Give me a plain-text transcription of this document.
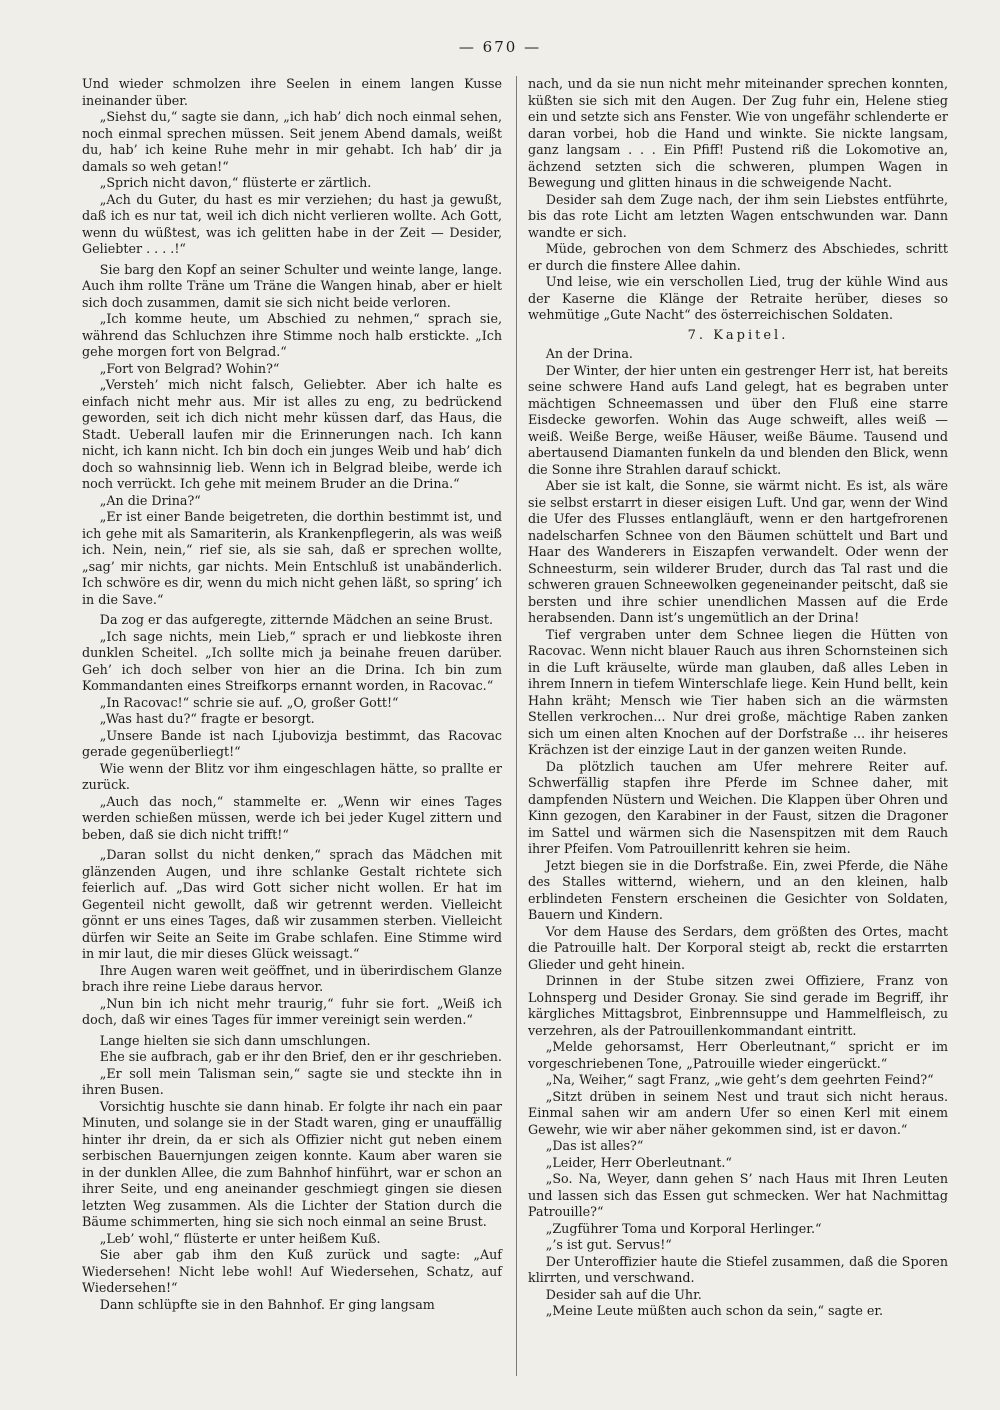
— 670 —

Und wieder schmolzen ihre Seelen in einem langen Kusse ineinander über.

„Siehst du,“ sagte sie dann, „ich hab’ dich noch einmal sehen, noch einmal sprechen müssen. Seit jenem Abend damals, weißt du, hab’ ich keine Ruhe mehr in mir gehabt. Ich hab’ dir ja damals so weh getan!“

„Sprich nicht davon,“ flüsterte er zärtlich.

„Ach du Guter, du hast es mir verziehen; du hast ja gewußt, daß ich es nur tat, weil ich dich nicht verlieren wollte. Ach Gott, wenn du wüßtest, was ich gelitten habe in der Zeit — Desider, Geliebter . . . .!“

Sie barg den Kopf an seiner Schulter und weinte lange, lange. Auch ihm rollte Träne um Träne die Wangen hinab, aber er hielt sich doch zusammen, damit sie sich nicht beide verloren.

„Ich komme heute, um Abschied zu nehmen,“ sprach sie, während das Schluchzen ihre Stimme noch halb erstickte. „Ich gehe morgen fort von Belgrad.“

„Fort von Belgrad? Wohin?“

„Versteh’ mich nicht falsch, Geliebter. Aber ich halte es einfach nicht mehr aus. Mir ist alles zu eng, zu bedrückend geworden, seit ich dich nicht mehr küssen darf, das Haus, die Stadt. Ueberall laufen mir die Erinnerungen nach. Ich kann nicht, ich kann nicht. Ich bin doch ein junges Weib und hab’ dich doch so wahnsinnig lieb. Wenn ich in Belgrad bleibe, werde ich noch verrückt. Ich gehe mit meinem Bruder an die Drina.“

„An die Drina?“

„Er ist einer Bande beigetreten, die dorthin bestimmt ist, und ich gehe mit als Samariterin, als Krankenpflegerin, als was weiß ich. Nein, nein,“ rief sie, als sie sah, daß er sprechen wollte, „sag’ mir nichts, gar nichts. Mein Entschluß ist unabänderlich. Ich schwöre es dir, wenn du mich nicht gehen läßt, so spring’ ich in die Save.“

Da zog er das aufgeregte, zitternde Mädchen an seine Brust.

„Ich sage nichts, mein Lieb,“ sprach er und liebkoste ihren dunklen Scheitel. „Ich sollte mich ja beinahe freuen darüber. Geh’ ich doch selber von hier an die Drina. Ich bin zum Kommandanten eines Streifkorps ernannt worden, in Racovac.“

„In Racovac!“ schrie sie auf. „O, großer Gott!“

„Was hast du?“ fragte er besorgt.

„Unsere Bande ist nach Ljubovizja bestimmt, das Racovac gerade gegenüberliegt!“

Wie wenn der Blitz vor ihm eingeschlagen hätte, so prallte er zurück.

„Auch das noch,“ stammelte er. „Wenn wir eines Tages werden schießen müssen, werde ich bei jeder Kugel zittern und beben, daß sie dich nicht trifft!“

„Daran sollst du nicht denken,“ sprach das Mädchen mit glänzenden Augen, und ihre schlanke Gestalt richtete sich feierlich auf. „Das wird Gott sicher nicht wollen. Er hat im Gegenteil nicht gewollt, daß wir getrennt werden. Vielleicht gönnt er uns eines Tages, daß wir zusammen sterben. Vielleicht dürfen wir Seite an Seite im Grabe schlafen. Eine Stimme wird in mir laut, die mir dieses Glück weissagt.“

Ihre Augen waren weit geöffnet, und in überirdischem Glanze brach ihre reine Liebe daraus hervor.

„Nun bin ich nicht mehr traurig,“ fuhr sie fort. „Weiß ich doch, daß wir eines Tages für immer vereinigt sein werden.“

Lange hielten sie sich dann umschlungen.

Ehe sie aufbrach, gab er ihr den Brief, den er ihr geschrieben.

„Er soll mein Talisman sein,“ sagte sie und steckte ihn in ihren Busen.

Vorsichtig huschte sie dann hinab. Er folgte ihr nach ein paar Minuten, und solange sie in der Stadt waren, ging er unauffällig hinter ihr drein, da er sich als Offizier nicht gut neben einem serbischen Bauernjungen zeigen konnte. Kaum aber waren sie in der dunklen Allee, die zum Bahnhof hinführt, war er schon an ihrer Seite, und eng aneinander geschmiegt gingen sie diesen letzten Weg zusammen. Als die Lichter der Station durch die Bäume schimmerten, hing sie sich noch einmal an seine Brust.

„Leb’ wohl,“ flüsterte er unter heißem Kuß.

Sie aber gab ihm den Kuß zurück und sagte: „Auf Wiedersehen! Nicht lebe wohl! Auf Wiedersehen, Schatz, auf Wiedersehen!“

Dann schlüpfte sie in den Bahnhof. Er ging langsam

nach, und da sie nun nicht mehr miteinander sprechen konnten, küßten sie sich mit den Augen. Der Zug fuhr ein, Helene stieg ein und setzte sich ans Fenster. Wie von ungefähr schlenderte er daran vorbei, hob die Hand und winkte. Sie nickte langsam, ganz langsam . . . Ein Pfiff! Pustend riß die Lokomotive an, ächzend setzten sich die schweren, plumpen Wagen in Bewegung und glitten hinaus in die schweigende Nacht.

Desider sah dem Zuge nach, der ihm sein Liebstes entführte, bis das rote Licht am letzten Wagen entschwunden war. Dann wandte er sich.

Müde, gebrochen von dem Schmerz des Abschiedes, schritt er durch die finstere Allee dahin.

Und leise, wie ein verschollen Lied, trug der kühle Wind aus der Kaserne die Klänge der Retraite herüber, dieses so wehmütige „Gute Nacht“ des österreichischen Soldaten.

7. Kapitel.

An der Drina.

Der Winter, der hier unten ein gestrenger Herr ist, hat bereits seine schwere Hand aufs Land gelegt, hat es begraben unter mächtigen Schneemassen und über den Fluß eine starre Eisdecke geworfen. Wohin das Auge schweift, alles weiß — weiß. Weiße Berge, weiße Häuser, weiße Bäume. Tausend und abertausend Diamanten funkeln da und blenden den Blick, wenn die Sonne ihre Strahlen darauf schickt.

Aber sie ist kalt, die Sonne, sie wärmt nicht. Es ist, als wäre sie selbst erstarrt in dieser eisigen Luft. Und gar, wenn der Wind die Ufer des Flusses entlangläuft, wenn er den hartgefrorenen nadelscharfen Schnee von den Bäumen schüttelt und Bart und Haar des Wanderers in Eiszapfen verwandelt. Oder wenn der Schneesturm, sein wilderer Bruder, durch das Tal rast und die schweren grauen Schneewolken gegeneinander peitscht, daß sie bersten und ihre schier unendlichen Massen auf die Erde herabsenden. Dann ist’s ungemütlich an der Drina!

Tief vergraben unter dem Schnee liegen die Hütten von Racovac. Wenn nicht blauer Rauch aus ihren Schornsteinen sich in die Luft kräuselte, würde man glauben, daß alles Leben in ihrem Innern in tiefem Winterschlafe liege. Kein Hund bellt, kein Hahn kräht; Mensch wie Tier haben sich an die wärmsten Stellen verkrochen... Nur drei große, mächtige Raben zanken sich um einen alten Knochen auf der Dorfstraße ... ihr heiseres Krächzen ist der einzige Laut in der ganzen weiten Runde.

Da plötzlich tauchen am Ufer mehrere Reiter auf. Schwerfällig stapfen ihre Pferde im Schnee daher, mit dampfenden Nüstern und Weichen. Die Klappen über Ohren und Kinn gezogen, den Karabiner in der Faust, sitzen die Dragoner im Sattel und wärmen sich die Nasenspitzen mit dem Rauch ihrer Pfeifen. Vom Patrouillenritt kehren sie heim.

Jetzt biegen sie in die Dorfstraße. Ein, zwei Pferde, die Nähe des Stalles witternd, wiehern, und an den kleinen, halb erblindeten Fenstern erscheinen die Gesichter von Soldaten, Bauern und Kindern.

Vor dem Hause des Serdars, dem größten des Ortes, macht die Patrouille halt. Der Korporal steigt ab, reckt die erstarrten Glieder und geht hinein.

Drinnen in der Stube sitzen zwei Offiziere, Franz von Lohnsperg und Desider Gronay. Sie sind gerade im Begriff, ihr kärgliches Mittagsbrot, Einbrennsuppe und Hammelfleisch, zu verzehren, als der Patrouillenkommandant eintritt.

„Melde gehorsamst, Herr Oberleutnant,“ spricht er im vorgeschriebenen Tone, „Patrouille wieder eingerückt.“

„Na, Weiher,“ sagt Franz, „wie geht’s dem geehrten Feind?“

„Sitzt drüben in seinem Nest und traut sich nicht heraus. Einmal sahen wir am andern Ufer so einen Kerl mit einem Gewehr, wie wir aber näher gekommen sind, ist er davon.“

„Das ist alles?“

„Leider, Herr Oberleutnant.“

„So. Na, Weyer, dann gehen S’ nach Haus mit Ihren Leuten und lassen sich das Essen gut schmecken. Wer hat Nachmittag Patrouille?“

„Zugführer Toma und Korporal Herlinger.“

„’s ist gut. Servus!“

Der Unteroffizier haute die Stiefel zusammen, daß die Sporen klirrten, und verschwand.

Desider sah auf die Uhr.

„Meine Leute müßten auch schon da sein,“ sagte er.
